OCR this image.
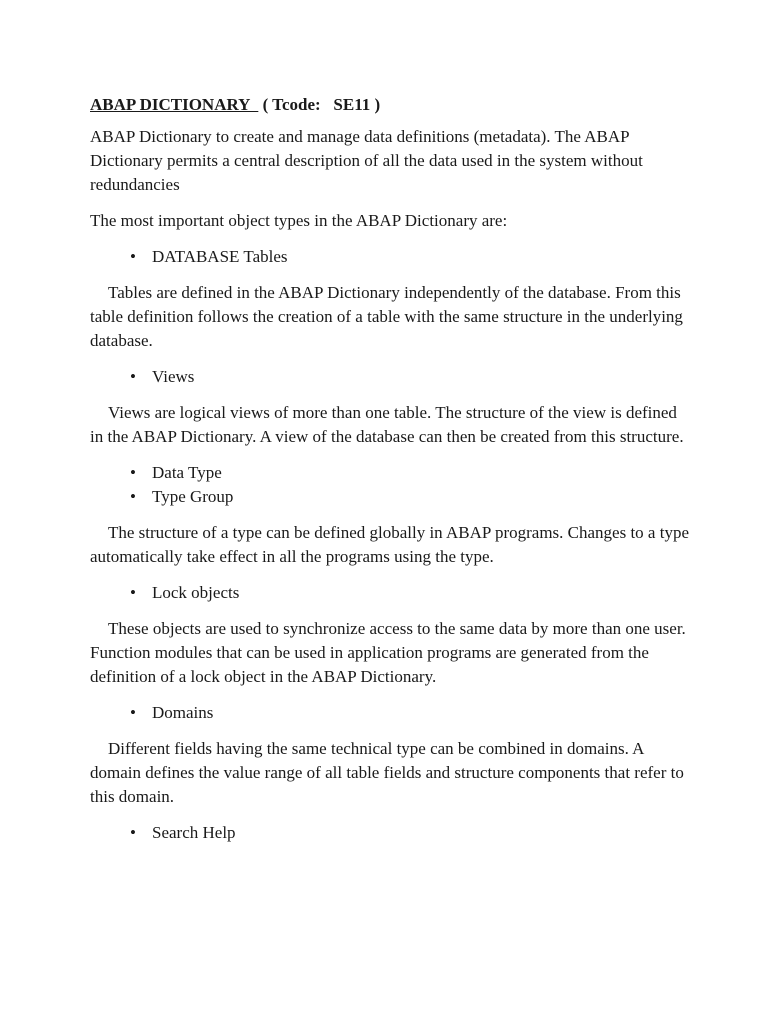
ABAP DICTIONARY   ( Tcode:   SE11 )

ABAP Dictionary to create and manage data definitions (metadata). The ABAP Dictionary permits a central description of all the data used in the system without redundancies

The most important object types in the ABAP Dictionary are:

• DATABASE Tables

Tables are defined in the ABAP Dictionary independently of the database. From this table definition follows the creation of a table with the same structure in the underlying database.

• Views

Views are logical views of more than one table. The structure of the view is defined in the ABAP Dictionary. A view of the database can then be created from this structure.

• Data Type
• Type Group

The structure of a type can be defined globally in ABAP programs. Changes to a type automatically take effect in all the programs using the type.

• Lock objects

These objects are used to synchronize access to the same data by more than one user. Function modules that can be used in application programs are generated from the definition of a lock object in the ABAP Dictionary.

• Domains

Different fields having the same technical type can be combined in domains. A domain defines the value range of all table fields and structure components that refer to this domain.

• Search Help
